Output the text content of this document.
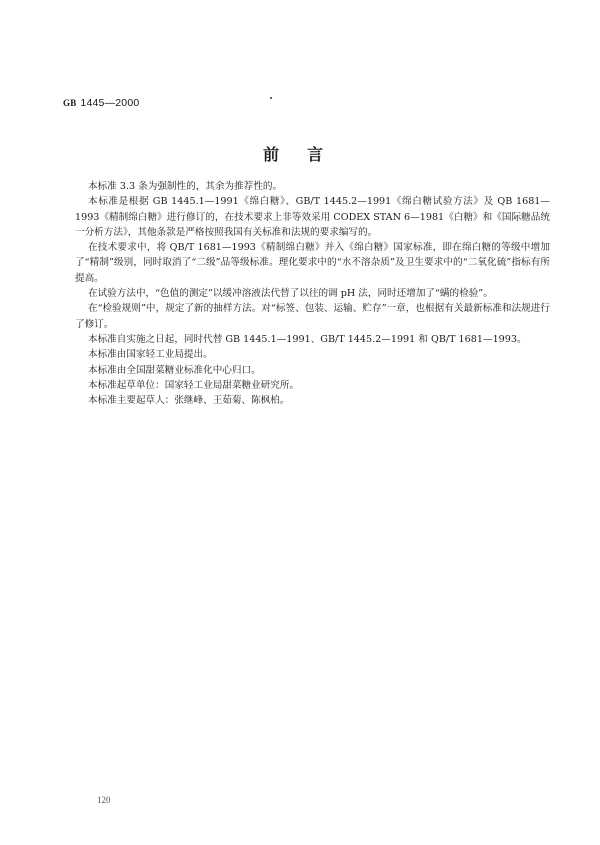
GB 1445—2000
前言

本标准 3.3 条为强制性的，其余为推荐性的。

本标准是根据 GB 1445.1—1991《绵白糖》、GB/T 1445.2—1991《绵白糖试验方法》及 QB 1681—1993《精制绵白糖》进行修订的，在技术要求上非等效采用 CODEX STAN 6—1981《白糖》和《国际糖品统一分析方法》，其他条款是严格按照我国有关标准和法规的要求编写的。

在技术要求中，将 QB/T 1681—1993《精制绵白糖》并入《绵白糖》国家标准，即在绵白糖的等级中增加了“精制”级别，同时取消了“二级”品等级标准。理化要求中的“水不溶杂质”及卫生要求中的“二氧化硫”指标有所提高。

在试验方法中，“色值的测定”以缓冲溶液法代替了以往的调 pH 法，同时还增加了“螨的检验”。

在“检验规则”中，规定了新的抽样方法。对“标签、包装、运输、贮存”一章，也根据有关最新标准和法规进行了修订。

本标准自实施之日起，同时代替 GB 1445.1—1991、GB/T 1445.2—1991 和 QB/T 1681—1993。

本标准由国家轻工业局提出。

本标准由全国甜菜糖业标准化中心归口。

本标准起草单位：国家轻工业局甜菜糖业研究所。

本标准主要起草人：张继峰、王茹菊、陈枫柏。

120
